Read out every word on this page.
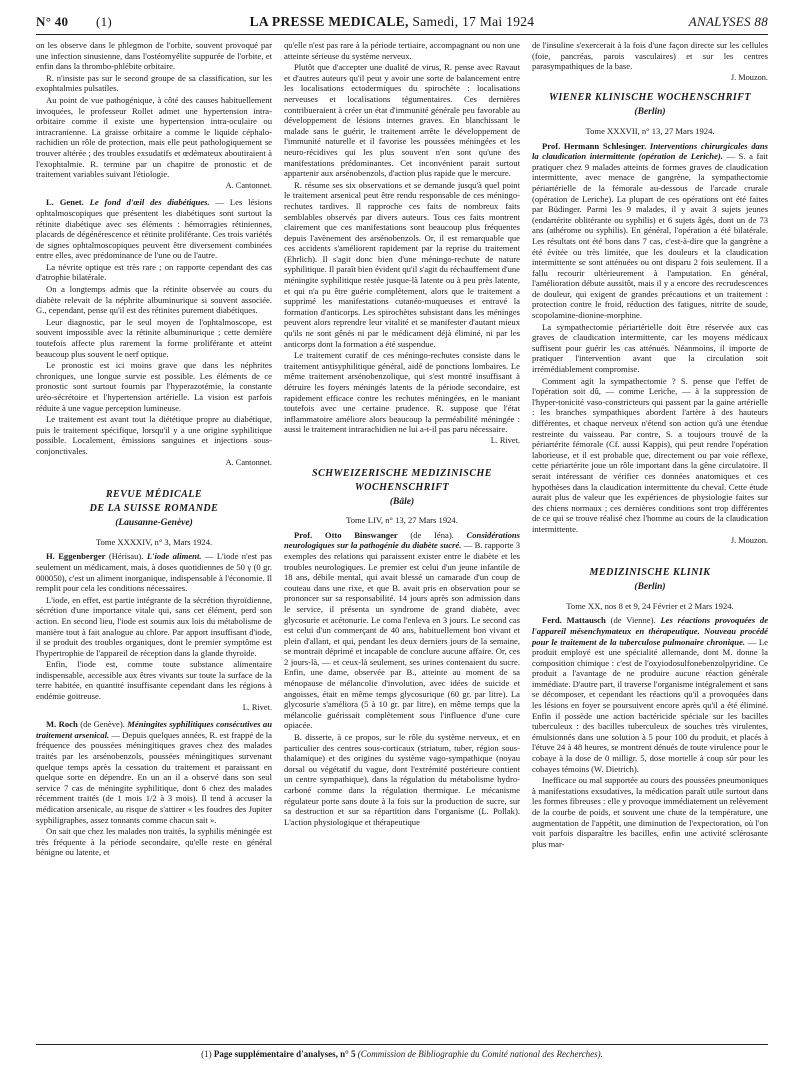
N° 40	(1)	LA PRESSE MEDICALE, Samedi, 17 Mai 1924	ANALYSES 88

on les observe dans le phlegmon de l'orbite, souvent provoqué par une infection sinusienne, dans l'ostéomyélite suppurée de l'orbite, et enfin dans la thrombo-phlébite orbitaire.

R. n'insiste pas sur le second groupe de sa classification, sur les exophtalmies pulsatiles.

Au point de vue pathogénique, à côté des causes habituellement invoquées, le professeur Rollet admet une hypertension intra-orbitaire comme il existe une hypertension intra-oculaire ou intracranienne. La graisse orbitaire a comme le liquide céphalo-rachidien un rôle de protection, mais elle peut pathologiquement se trouver altérée ; des troubles exsudatifs et œdémateux aboutiraient à l'exophtalmie. R. termine par un chapitre de pronostic et de traitement variables suivant l'étiologie.

A. Cantonnet.

L. Genet. Le fond d'œil des diabétiques. — Les lésions ophtalmoscopiques que présentent les diabétiques sont surtout la rétinite diabétique avec ses éléments : hémorragies rétiniennes, placards de dégénérescence et rétinite proliférante. Ces trois variétés de signes ophtalmoscopiques peuvent être diversement combinées entre elles, avec prédominance de l'une ou de l'autre.

La névrite optique est très rare ; on rapporte cependant des cas d'atrophie bilatérale.

On a longtemps admis que la rétinite observée au cours du diabète relevait de la néphrite albuminurique si souvent associée. G., cependant, pense qu'il est des rétinites purement diabétiques.

Leur diagnostic, par le seul moyen de l'ophtalmoscope, est souvent impossible avec la rétinite albuminurique ; cette dernière toutefois affecte plus rarement la forme proliférante et atteint beaucoup plus souvent le nerf optique.

Le pronostic est ici moins grave que dans les néphrites chroniques, une longue survie est possible. Les éléments de ce pronostic sont surtout fournis par l'hyperazotémie, la constante uréo-sécrétoire et l'hypertension artérielle. La vision est parfois réduite à une vague perception lumineuse.

Le traitement est avant tout la diététique propre au diabétique, puis le traitement spécifique, lorsqu'il y a une origine syphilitique possible. Localement, émissions sanguines et injections sous-conjonctivales.

A. Cantonnet.
REVUE MÉDICALE
DE LA SUISSE ROMANDE
(Lausanne-Genève)
Tome XXXXIV, n° 3, Mars 1924.

H. Eggenberger (Hérisau). L'iode aliment. — L'iode n'est pas seulement un médicament, mais, à doses quotidiennes de 50 γ (0 gr. 000050), c'est un aliment inorganique, indispensable à l'économie. Il remplit pour cela les conditions nécessaires.

L'iode, en effet, est partie intégrante de la sécrétion thyroïdienne, sécrétion d'une importance vitale qui, sans cet élément, perd son action. En second lieu, l'iode est soumis aux lois du métabolisme de manière tout à fait analogue au chlore. Par apport insuffisant d'iode, il se produit des troubles organiques, dont le premier symptôme est l'hypertrophie de l'appareil de réception dans la glande thyroïde.

Enfin, l'iode est, comme toute substance alimentaire indispensable, accessible aux êtres vivants sur toute la surface de la terre habitée, en quantité insuffisante cependant dans les régions à endémie goitreuse.

L. Rivet.

M. Roch (de Genève). Méningites syphilitiques consécutives au traitement arsenical. — Depuis quelques années, R. est frappé de la fréquence des poussées méningitiques graves chez des malades traités par les arsénobenzols, poussées méningitiques survenant quelque temps après la cessation du traitement et paraissant en quelque sorte en dépendre. En un an il a observé dans son seul service 7 cas de méningite syphilitique, dont 6 chez des malades récemment traités (de 1 mois 1/2 à 3 mois). Il tend à accuser la médication arsenicale, au risque de s'attirer « les foudres des Jupiter syphiligraphes, assez tonnants comme chacun sait ».

On sait que chez les malades non traités, la syphilis méningée est très fréquente à la période secondaire, qu'elle reste en général bénigne ou latente, et

qu'elle n'est pas rare à la période tertiaire, accompagnant ou non une atteinte sérieuse du système nerveux.

Plutôt que d'accepter une dualité de virus, R. pense avec Ravaut et d'autres auteurs qu'il peut y avoir une sorte de balancement entre les localisations ectodermiques du spirochète : localisations nerveuses et localisations tégumentaires. Ces dernières contribueraient à créer un état d'immunité générale peu favorable au développement de lésions internes graves. En blanchissant le malade sans le guérir, le traitement arrête le développement de l'immunité naturelle et il favorise les poussées méningées et les neuro-récidives qui les plus souvent n'en sont qu'une des manifestations prédominantes. Cet inconvénient parait surtout appartenir aux arsénobenzols, d'action plus rapide que le mercure.

R. résume ses six observations et se demande jusqu'à quel point le traitement arsenical peut être rendu responsable de ces méningo-rechutes tardives. Il rapproche ces faits de nombreux faits semblables observés par divers auteurs. Tous ces faits montrent clairement que ces manifestations sont beaucoup plus fréquentes depuis l'avènement des arsénobenzols. Or, il est remarquable que ces accidents s'améliorent rapidement par la reprise du traitement (Ehrlich). Il s'agit donc bien d'une méningo-rechute de nature syphilitique. Il paraît bien évident qu'il s'agit du réchauffement d'une méningite syphilitique restée jusque-là latente ou à peu près latente, et qui n'a pu être guérie complètement, alors que le traitement a supprimé les manifestations cutanéo-muqueuses et entravé la formation d'anticorps. Les spirochètes subsistant dans les méninges peuvent alors reprendre leur vitalité et se manifester d'autant mieux qu'ils ne sont gênés ni par le médicament déjà éliminé, ni par les anticorps dont la formation a été suspendue.

Le traitement curatif de ces méningo-rechutes consiste dans le traitement antisyphilitique général, aidé de ponctions lombaires. Le même traitement arsénobenzolique, qui s'est montré insuffisant à détruire les foyers méningés latents de la période secondaire, est rapidement efficace contre les rechutes méningées, en le maniant toutefois avec une certaine prudence. R. suppose que l'état inflammatoire améliore alors beaucoup la perméabilité méningée : aussi le traitement intrarachidien ne lui a-t-il pas paru nécessaire.

L. Rivet.
SCHWEIZERISCHE MEDIZINISCHE
WOCHENSCHRIFT
(Bâle)
Tome LIV, n° 13, 27 Mars 1924.

Prof. Otto Binswanger (de Iéna). Considérations neurologiques sur la pathogénie du diabète sucré. — B. rapporte 3 exemples des relations qui paraissent exister entre le diabète et les troubles neurologiques. Le premier est celui d'un jeune infantile de 18 ans, débile mental, qui avait blessé un camarade d'un coup de couteau dans une rixe, et que B. avait pris en observation pour se prononcer sur sa responsabilité. 14 jours après son admission dans le service, il présenta un syndrome de grand diabète, avec glycosurie et acétonurie. Le coma l'enleva en 3 jours. Le second cas est celui d'un commerçant de 40 ans, habituellement bon vivant et plein d'allant, et qui, pendant les deux derniers jours de la semaine, se montrait déprimé et incapable de conclure aucune affaire. Or, ces 2 jours-là, — et ceux-là seulement, ses urines contenaient du sucre. Enfin, une dame, observée par B., atteinte au moment de sa ménopause de mélancolie d'involution, avec idées de suicide et angoisses, était en même temps glycosurique (60 gr. par litre). La glycosurie s'améliora (5 à 10 gr. par litre), en même temps que la mélancolie guérissait complètement sous l'influence d'une cure opiacée.

B. disserte, à ce propos, sur le rôle du système nerveux, et en particulier des centres sous-corticaux (striatum, tuber, région sous-thalamique) et des origines du système vago-sympathique (noyau dorsal ou végétatif du vague, dont l'extrémité postérieure contient un centre sympathique), dans la régulation du métabolisme hydro-carboné comme dans la régulation thermique. Le mécanisme régulateur porte sans doute à la fois sur la production de sucre, sur sa destruction et sur sa répartition dans l'organisme (L. Pollak). L'action physiologique et thérapeutique

de l'insuline s'exercerait à la fois d'une façon directe sur les cellules (foie, pancréas, parois vasculaires) et sur les centres parasympathiques de la base.

J. Mouzon.
WIENER KLINISCHE WOCHENSCHRIFT
(Berlin)
Tome XXXVII, n° 13, 27 Mars 1924.

Prof. Hermann Schlesinger. Interventions chirurgicales dans la claudication intermittente (opération de Leriche). — S. a fait pratiquer chez 9 malades atteints de formes graves de claudication intermittente, avec menace de gangrène, la sympathectomie périartérielle de la fémorale au-dessous de l'arcade crurale (opération de Leriche). La plupart de ces opérations ont été faites par Büdinger. Parmi les 9 malades, il y avait 3 sujets jeunes (endartérite oblitérante ou syphilis) et 6 sujets âgés, dont un de 73 ans (athérome ou syphilis). En général, l'opération a été bilatérale. Les résultats ont été bons dans 7 cas, c'est-à-dire que la gangrène a été évitée ou très limitée, que les douleurs et la claudication intermittente se sont atténuées ou ont disparu 2 fois seulement. Il a fallu recourir ultérieurement à l'amputation. En général, l'amélioration débute aussitôt, mais il y a encore des recrudescences de douleur, qui exigent de grandes précautions et un traitement : protection contre le froid, réduction des fatigues, nitrite de soude, scopolamine-dionine-morphine.

La sympathectomie périartérielle doit être réservée aux cas graves de claudication intermittente, car les moyens médicaux suffisent pour guérir les cas atténués. Néanmoins, il importe de pratiquer l'intervention avant que la circulation soit irrémédiablement compromise.

Comment agit la sympathectomie ? S. pense que l'effet de l'opération soit dû, — comme Leriche, — à la suppression de l'hyper-tonicité vaso-constricteurs qui passent par la gaine artérielle : les branches sympathiques abordent l'artère à des hauteurs différentes, et chaque nerveux n'étend son action qu'à une étendue restreinte du vaisseau. Par contre, S. a toujours trouvé de la périartérite fémorale (Cf. aussi Kappis), qui peut rendre l'opération laborieuse, et il est probable que, directement ou par voie réflexe, cette périartérite joue un rôle important dans la gêne circulatoire. Il serait intéressant de vérifier ces données anatomiques et ces hypothèses dans la claudication intermittente du cheval. Cette étude aurait plus de valeur que les expériences de physiologie faites sur des chiens normaux ; ces dernières conditions sont trop différentes de ce qui se trouve réalisé chez l'homme au cours de la claudication intermittente.

J. Mouzon.
MEDIZINISCHE KLINIK
(Berlin)
Tome XX, nos 8 et 9, 24 Février et 2 Mars 1924.

Ferd. Mattausch (de Vienne). Les réactions provoquées de l'appareil mésenchymateux en thérapeutique. Nouveau procédé pour le traitement de la tuberculose pulmonaire chronique. — Le produit employé est une spécialité allemande, dont M. donne la composition chimique : c'est de l'oxyiodosulfonebenzolpyridine. Ce produit a l'avantage de ne produire aucune réaction générale immédiate. D'autre part, il traverse l'organisme intégralement et sans se décomposer, et cependant les réactions qu'il a provoquées dans les lésions en foyer se poursuivent encore après qu'il a été éliminé. Enfin il possède une action bactéricide spéciale sur les bacilles tuberculeux : des bacilles tuberculeux de souches très virulentes, émulsionnés dans une solution à 5 pour 100 du produit, et placés à l'étuve 24 à 48 heures, se montrent dénués de toute virulence pour le cobaye à la dose de 0 milligr. 5, dose mortelle à coup sûr pour les cobayes témoins (W. Dietrich).

Inefficace ou mal supportée au cours des poussées pneumoniques à manifestations exsudatives, la médication paraît utile surtout dans les formes fibreuses : elle y provoque immédiatement un relèvement de la courbe de poids, et souvent une chute de la température, une augmentation de l'appétit, une diminution de l'expectoration, où l'on voit parfois disparaître les bacilles, enfin une activité sclérosante plus mar-

(1) Page supplémentaire d'analyses, n° 5 (Commission de Bibliographie du Comité national des Recherches).
